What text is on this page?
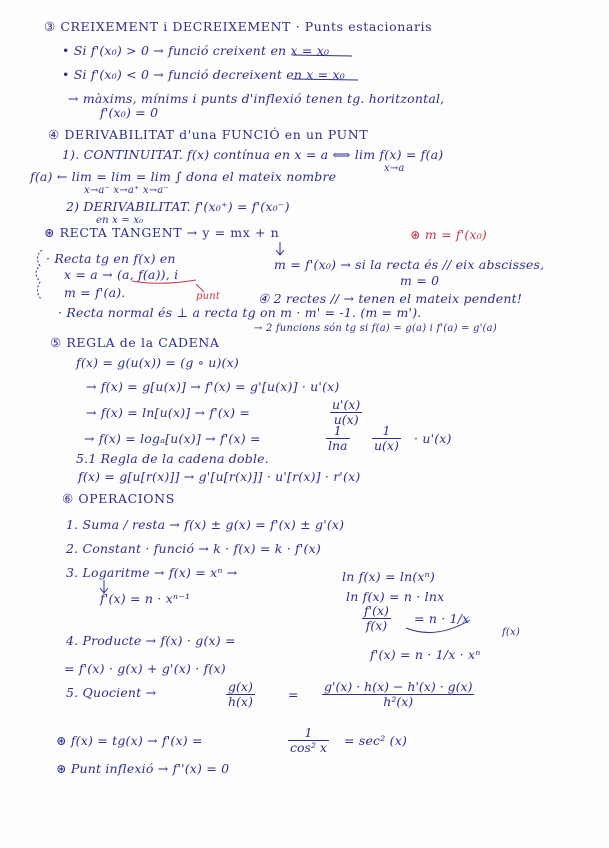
③ CREIXEMENT i DECREIXEMENT · Punts estacionaris
• Si f'(x₀) > 0 → funció creixent en x = x₀
• Si f'(x₀) < 0 → funció decreixent en x = x₀
→ màxims, mínims i punts d'inflexió tenen tg. horitzontal,
f'(x₀) = 0
④ DERIVABILITAT d'una FUNCIÓ en un PUNT
1). CONTINUITAT. f(x) contínua en x = a ⟺ lim f(x) = f(a)
x→a
f(a) ← lim = lim = lim ∫ dona el mateix nombre
x→a⁻ x→a⁺ x→a⁻
2) DERIVABILITAT. f'(x₀⁺) = f'(x₀⁻)
en x = x₀
⊛ RECTA TANGENT → y = mx + n	⊛ m = f'(x₀)
· Recta tg en f(x) en	m = f'(x₀) → si la recta és // eix abscisses,
x = a → (a, f(a)), i	m = 0
m = f'(a).	④ 2 rectes // → tenen el mateix pendent!
punt
· Recta normal és ⊥ a recta tg on m · m' = -1. (m = m').
→ 2 funcions són tg si f(a) = g(a) i f'(a) = g'(a)
⑤ REGLA de la CADENA
f(x) = g(u(x)) = (g ∘ u)(x)
→ f(x) = g[u(x)] → f'(x) = g'[u(x)] · u'(x)
→ f(x) = ln[u(x)] → f'(x) =	$\frac{u'(x)}{u(x)}$
→ f(x) = logₐ[u(x)] → f'(x) =	$\frac{1}{\ln a} \frac{1}{u(x)} \cdot u'(x)$
5.1 Regla de la cadena doble.
f(x) = g[u[r(x)]] → g'[u[r(x)]] · u'[r(x)] · r'(x)
⑥ OPERACIONS
1. Suma / resta → f(x) ± g(x) = f'(x) ± g'(x)
2. Constant · funció → k · f(x) = k · f'(x)
3. Logaritme → f(x) = xⁿ →	ln f(x) = ln(xⁿ)
ln f(x) = n · lnx
$\frac{f'(x)}{f(x)} = n \cdot 1/x$
f(x)
f'(x) = n · 1/x · xⁿ
f'(x) = n · xⁿ⁻¹
4. Producte → f(x) · g(x) =
= f'(x) · g(x) + g'(x) · f(x)
5. Quocient →	$\frac{g(x)}{h(x)}$	= $\frac{g'(x) \cdot h(x) - h'(x) \cdot g(x)}{\text{h²(x)}}$
⊛ f(x) = tg(x) → f'(x) =	$\frac{1}{\text{cos² x}} = \sec^2$ (x)
⊛ Punt inflexió → f''(x) = 0
